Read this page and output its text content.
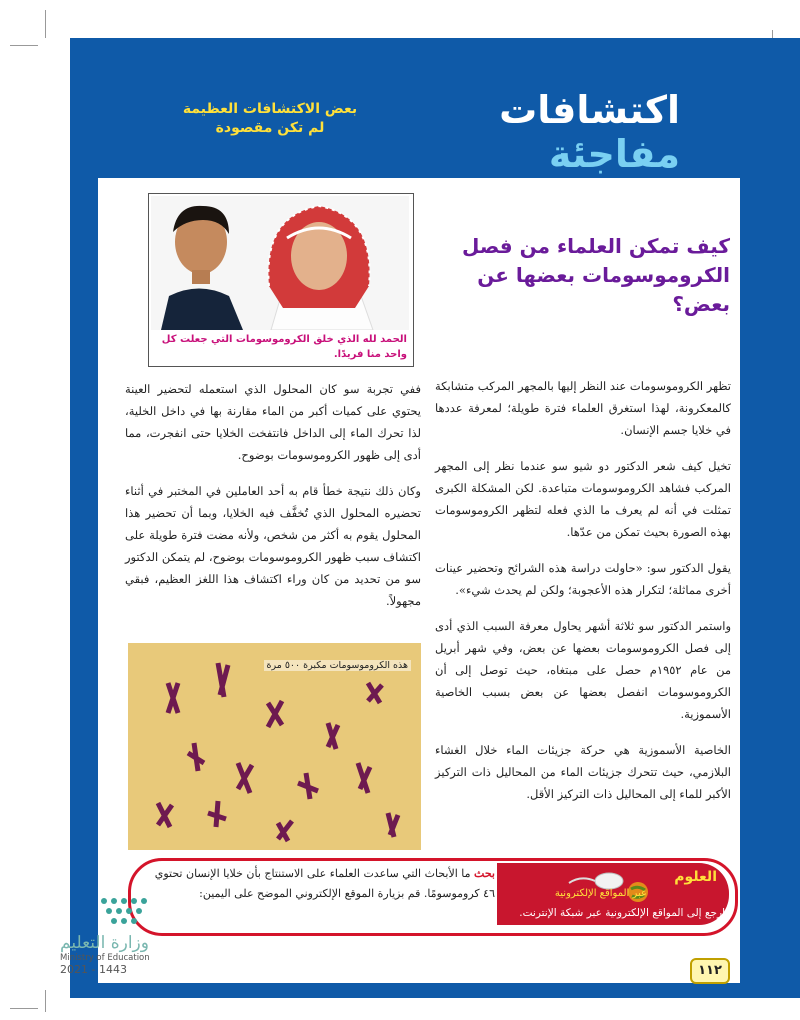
اكتشافات مفاجئة
بعض الاكتشافات العظيمة
لم تكن مقصودة
الحمد لله الذي خلق الكروموسومات التي جعلت كل واحد منا فريدًا.
كيف تمكن العلماء من فصل الكروموسومات بعضها عن بعض؟

تظهر الكروموسومات عند النظر إليها بالمجهر المركب متشابكة كالمعكرونة، لهذا استغرق العلماء فترة طويلة؛ لمعرفة عددها في خلايا جسم الإنسان.

تخيل كيف شعر الدكتور دو شيو سو عندما نظر إلى المجهر المركب فشاهد الكروموسومات متباعدة. لكن المشكلة الكبرى تمثلت في أنه لم يعرف ما الذي فعله لتظهر الكروموسومات بهذه الصورة بحيث تمكن من عدّها.

يقول الدكتور سو: «حاولت دراسة هذه الشرائح وتحضير عينات أخرى مماثلة؛ لتكرار هذه الأعجوبة؛ ولكن لم يحدث شيء».

واستمر الدكتور سو ثلاثة أشهر يحاول معرفة السبب الذي أدى إلى فصل الكروموسومات بعضها عن بعض، وفي شهر أبريل من عام ١٩٥٢م حصل على مبتغاه، حيث توصل إلى أن الكروموسومات انفصل بعضها عن بعض بسبب الخاصية الأسموزية.

الخاصية الأسموزية هي حركة جزيئات الماء خلال الغشاء البلازمي، حيث تتحرك جزيئات الماء من المحاليل ذات التركيز الأكبر للماء إلى المحاليل ذات التركيز الأقل.

ففي تجربة سو كان المحلول الذي استعمله لتحضير العينة يحتوي على كميات أكبر من الماء مقارنة بها في داخل الخلية، لذا تحرك الماء إلى الداخل فانتفخت الخلايا حتى انفجرت، مما أدى إلى ظهور الكروموسومات بوضوح.

وكان ذلك نتيجة خطأ قام به أحد العاملين في المختبر في أثناء تحضيره المحلول الذي تُخفَّف فيه الخلايا، وبما أن تحضير هذا المحلول يقوم به أكثر من شخص، ولأنه مضت فترة طويلة على اكتشاف سبب ظهور الكروموسومات بوضوح، لم يتمكن الدكتور سو من تحديد من كان وراء اكتشاف هذا اللغز العظيم، فبقي مجهولاً.

هذه الكروموسومات مكبرة ٥٠٠ مرة
بحث ما الأبحاث التي ساعدت العلماء على الاستنتاج بأن خلايا الإنسان تحتوي ٤٦ كروموسومًا. قم بزيارة الموقع الإلكتروني الموضح على اليمين:
العلوم
عبر المواقع الإلكترونية
ارجع إلى المواقع الإلكترونية عبر شبكة الإنترنت.
وزارة التعليم
Ministry of Education
2021 - 1443	١١٢
